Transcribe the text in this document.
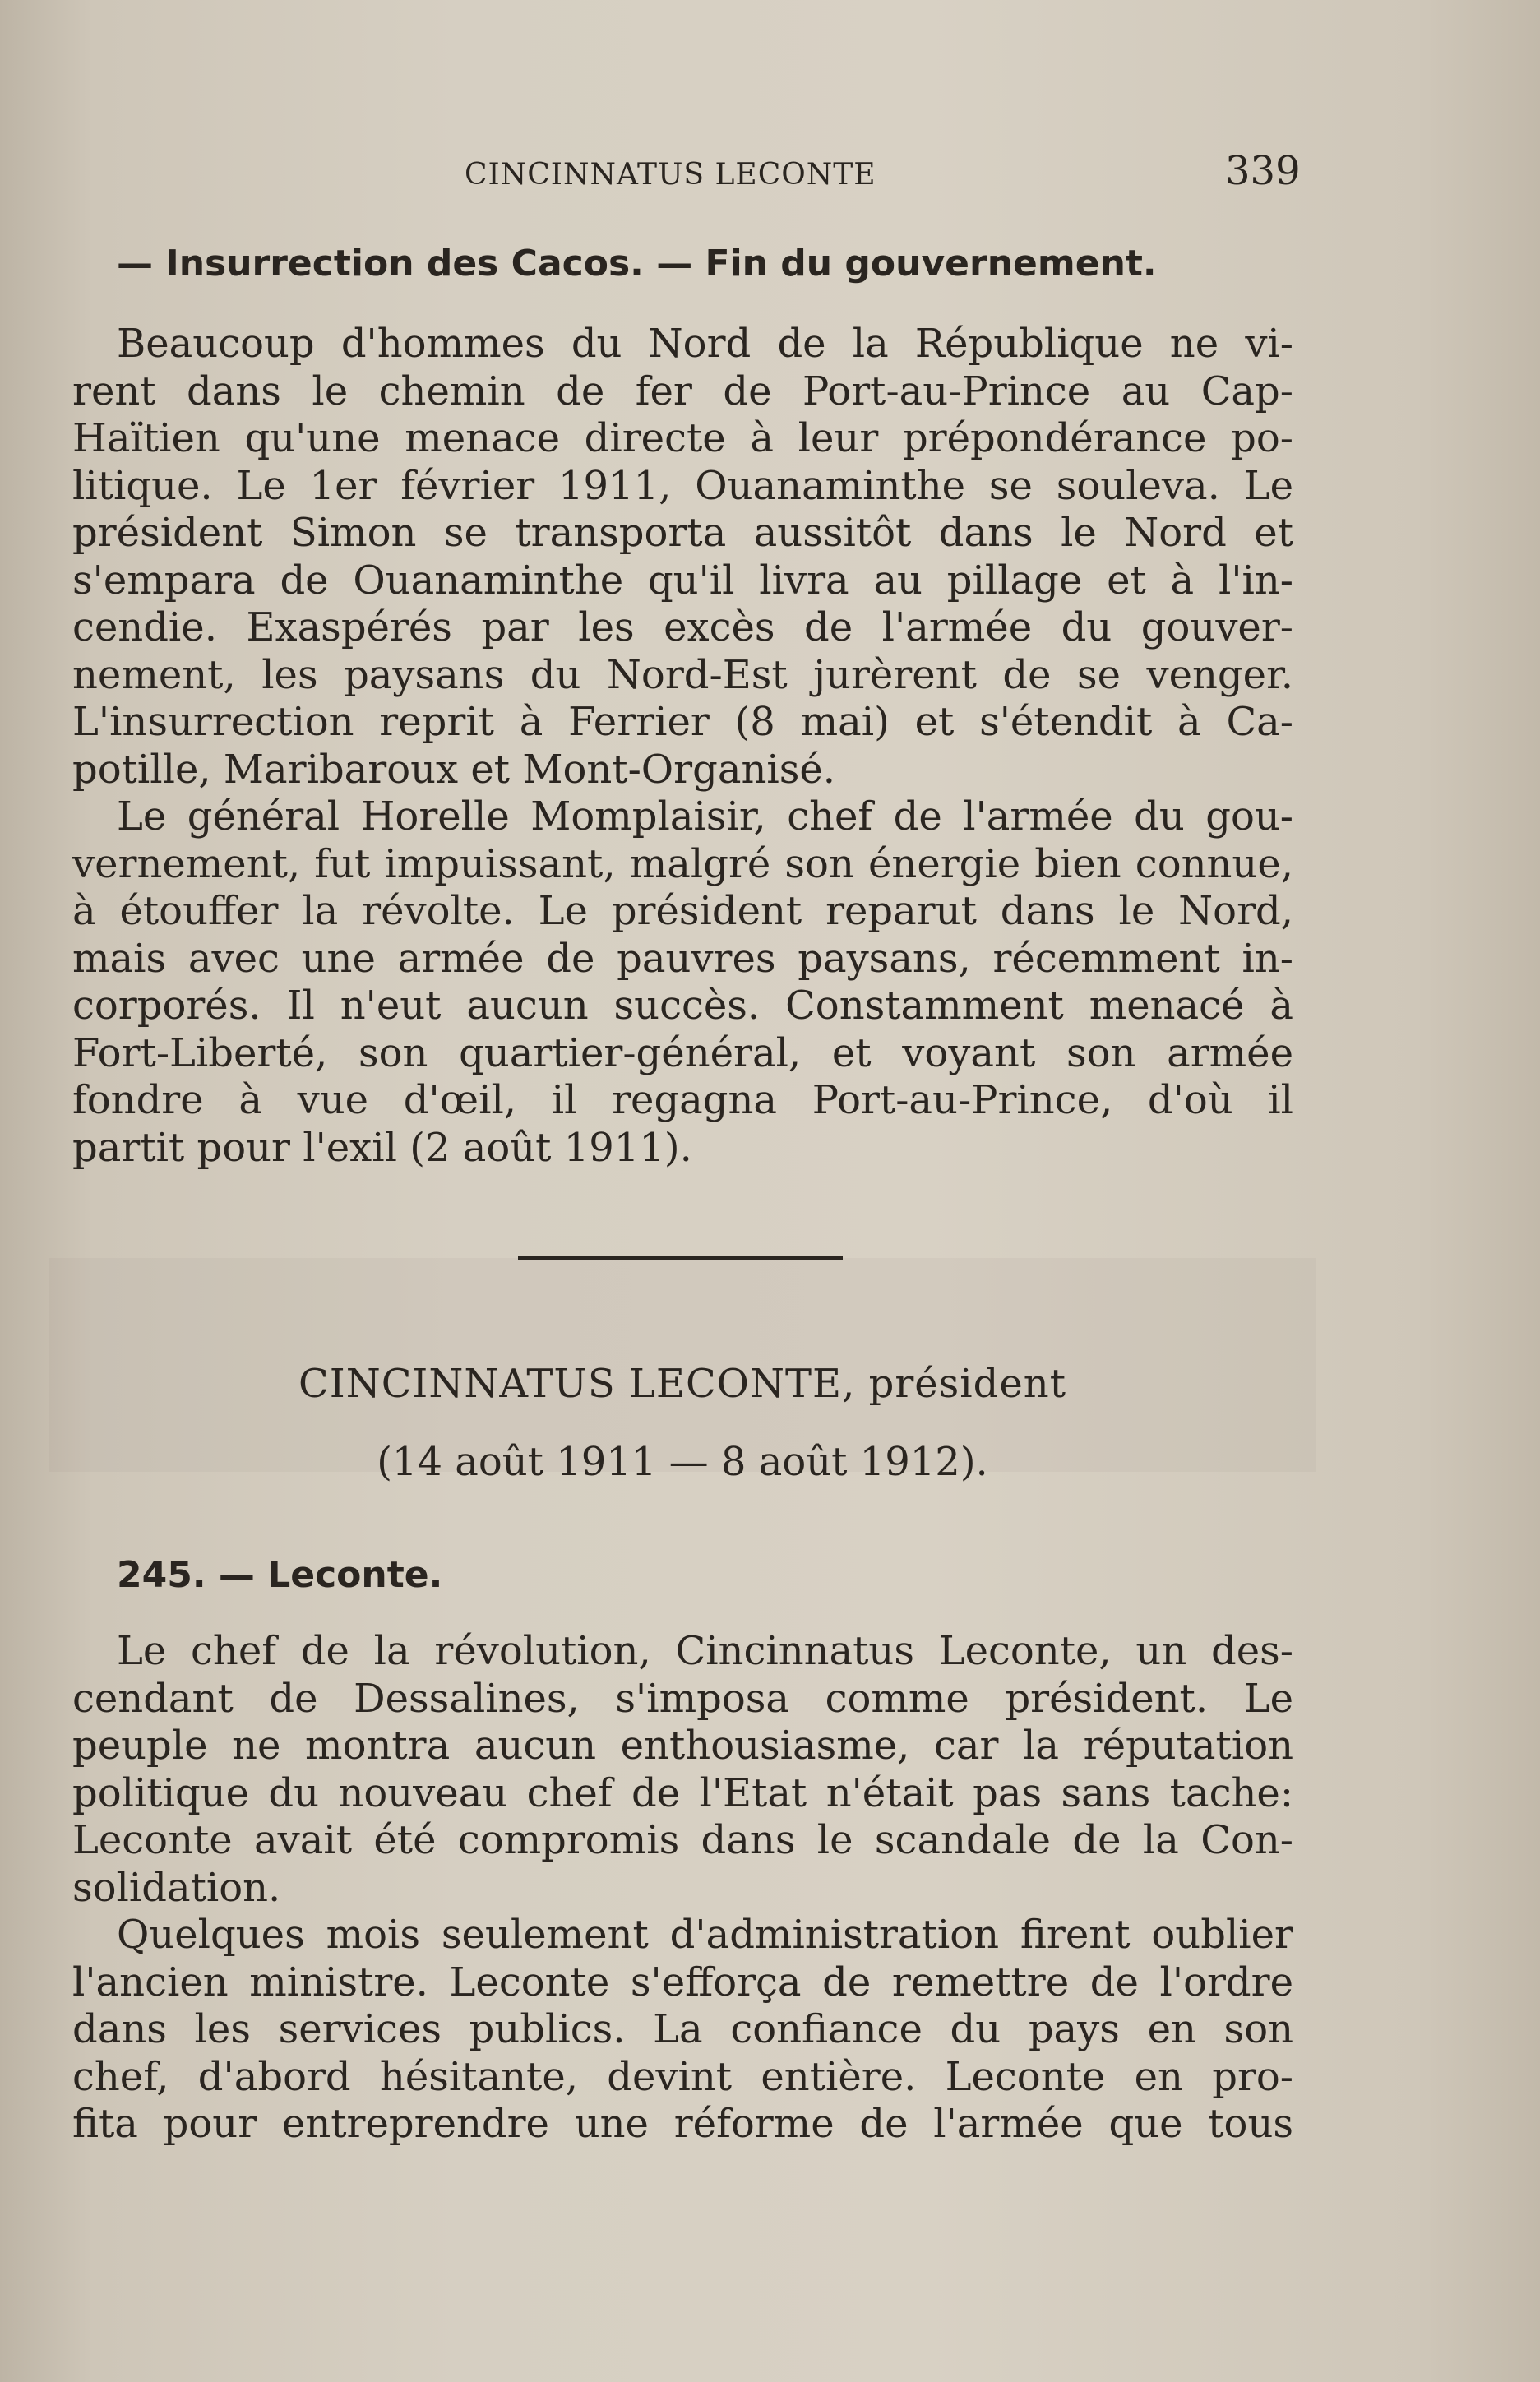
CINCINNATUS LECONTE	339
— Insurrection des Cacos. — Fin du gouvernement.
Beaucoup d'hommes du Nord de la République ne vi-
rent dans le chemin de fer de Port-au-Prince au Cap-
Haïtien qu'une menace directe à leur prépondérance po-
litique. Le 1er février 1911, Ouanaminthe se souleva. Le
président Simon se transporta aussitôt dans le Nord et
s'empara de Ouanaminthe qu'il livra au pillage et à l'in-
cendie. Exaspérés par les excès de l'armée du gouver-
nement, les paysans du Nord-Est jurèrent de se venger.
L'insurrection reprit à Ferrier (8 mai) et s'étendit à Ca-
potille, Maribaroux et Mont-Organisé.
Le général Horelle Momplaisir, chef de l'armée du gou-
vernement, fut impuissant, malgré son énergie bien connue,
à étouffer la révolte. Le président reparut dans le Nord,
mais avec une armée de pauvres paysans, récemment in-
corporés. Il n'eut aucun succès. Constamment menacé à
Fort-Liberté, son quartier-général, et voyant son armée
fondre à vue d'œil, il regagna Port-au-Prince, d'où il
partit pour l'exil (2 août 1911).
CINCINNATUS LECONTE, président
(14 août 1911 — 8 août 1912).
245. — Leconte.
Le chef de la révolution, Cincinnatus Leconte, un des-
cendant de Dessalines, s'imposa comme président. Le
peuple ne montra aucun enthousiasme, car la réputation
politique du nouveau chef de l'Etat n'était pas sans tache:
Leconte avait été compromis dans le scandale de la Con-
solidation.
Quelques mois seulement d'administration firent oublier
l'ancien ministre. Leconte s'efforça de remettre de l'ordre
dans les services publics. La confiance du pays en son
chef, d'abord hésitante, devint entière. Leconte en pro-
fita pour entreprendre une réforme de l'armée que tous
